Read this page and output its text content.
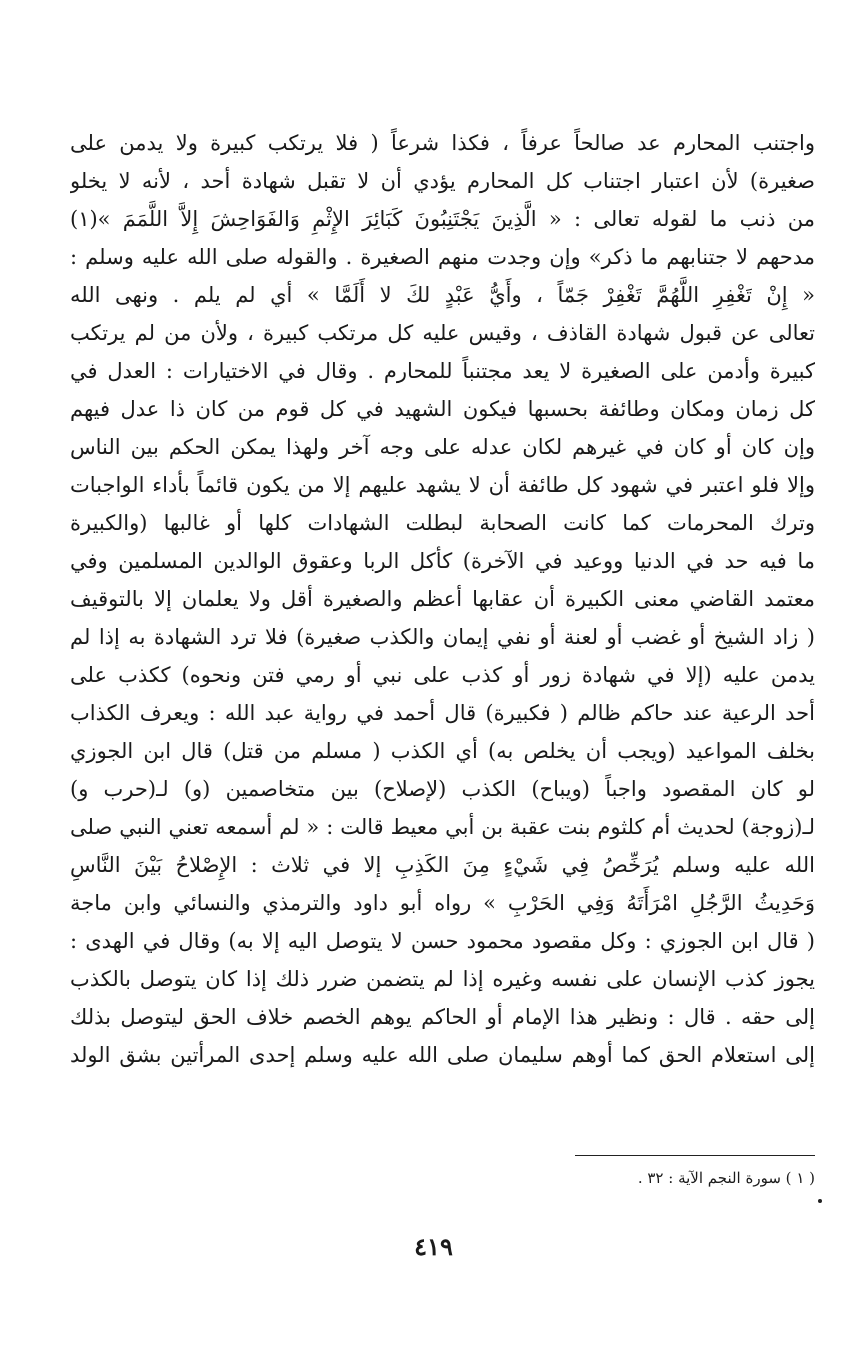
واجتنب المحارم عد صالحاً عرفاً ، فكذا شرعاً ( فلا يرتكب كبيرة ولا يدمن على
صغيرة) لأن اعتبار اجتناب كل المحارم يؤدي أن لا تقبل شهادة أحد ، لأنه لا يخلو
من ذنب ما لقوله تعالى : « الَّذِينَ يَجْتَنِبُونَ كَبَائِرَ الإِثْمِ وَالفَوَاحِشَ إِلاَّ اللَّمَمَ »(١)
مدحهم لا جتنابهم ما ذكر» وإن وجدت منهم الصغيرة . والقوله صلى الله عليه وسلم :
« إِنْ تَغْفِرِ اللَّهُمَّ تَغْفِرْ جَمّاً ، وأَيُّ عَبْدٍ لكَ لا أَلَمَّا » أي لم يلم . ونهى الله
تعالى عن قبول شهادة القاذف ، وقيس عليه كل مرتكب كبيرة ، ولأن من لم يرتكب
كبيرة وأدمن على الصغيرة لا يعد مجتنباً للمحارم . وقال في الاختيارات : العدل في
كل زمان ومكان وطائفة بحسبها فيكون الشهيد في كل قوم من كان ذا عدل فيهم
وإن كان أو كان في غيرهم لكان عدله على وجه آخر ولهذا يمكن الحكم بين الناس
وإلا فلو اعتبر في شهود كل طائفة أن لا يشهد عليهم إلا من يكون قائماً بأداء الواجبات
وترك المحرمات كما كانت الصحابة لبطلت الشهادات كلها أو غالبها (والكبيرة
ما فيه حد في الدنيا ووعيد في الآخرة) كأكل الربا وعقوق الوالدين المسلمين وفي
معتمد القاضي معنى الكبيرة أن عقابها أعظم والصغيرة أقل ولا يعلمان إلا بالتوقيف
( زاد الشيخ أو غضب أو لعنة أو نفي إيمان والكذب صغيرة) فلا ترد الشهادة به إذا لم
يدمن عليه (إلا في شهادة زور أو كذب على نبي أو رمي فتن ونحوه) ككذب على
أحد الرعية عند حاكم ظالم ( فكبيرة) قال أحمد في رواية عبد الله : ويعرف الكذاب
بخلف المواعيد (ويجب أن يخلص به) أي الكذب ( مسلم من قتل) قال ابن الجوزي
لو كان المقصود واجباً (ويباح) الكذب (لإصلاح) بين متخاصمين (و) لـ(حرب و)
لـ(زوجة) لحديث أم كلثوم بنت عقبة بن أبي معيط قالت : « لم أسمعه تعني النبي صلى
الله عليه وسلم يُرَخِّصُ فِي شَيْءٍ مِنَ الكَذِبِ إلا في ثلاث : الإِصْلاحُ بَيْنَ النَّاسِ
وَحَدِيثُ الرَّجُلِ امْرَأَتَهُ وَفِي الحَرْبِ » رواه أبو داود والترمذي والنسائي وابن ماجة
( قال ابن الجوزي : وكل مقصود محمود حسن لا يتوصل اليه إلا به) وقال في الهدى :
يجوز كذب الإنسان على نفسه وغيره إذا لم يتضمن ضرر ذلك إذا كان يتوصل بالكذب
إلى حقه . قال : ونظير هذا الإمام أو الحاكم يوهم الخصم خلاف الحق ليتوصل بذلك
إلى استعلام الحق كما أوهم سليمان صلى الله عليه وسلم إحدى المرأتين بشق الولد
( ١ ) سورة النجم الآية : ٣٢ .
٤١٩
